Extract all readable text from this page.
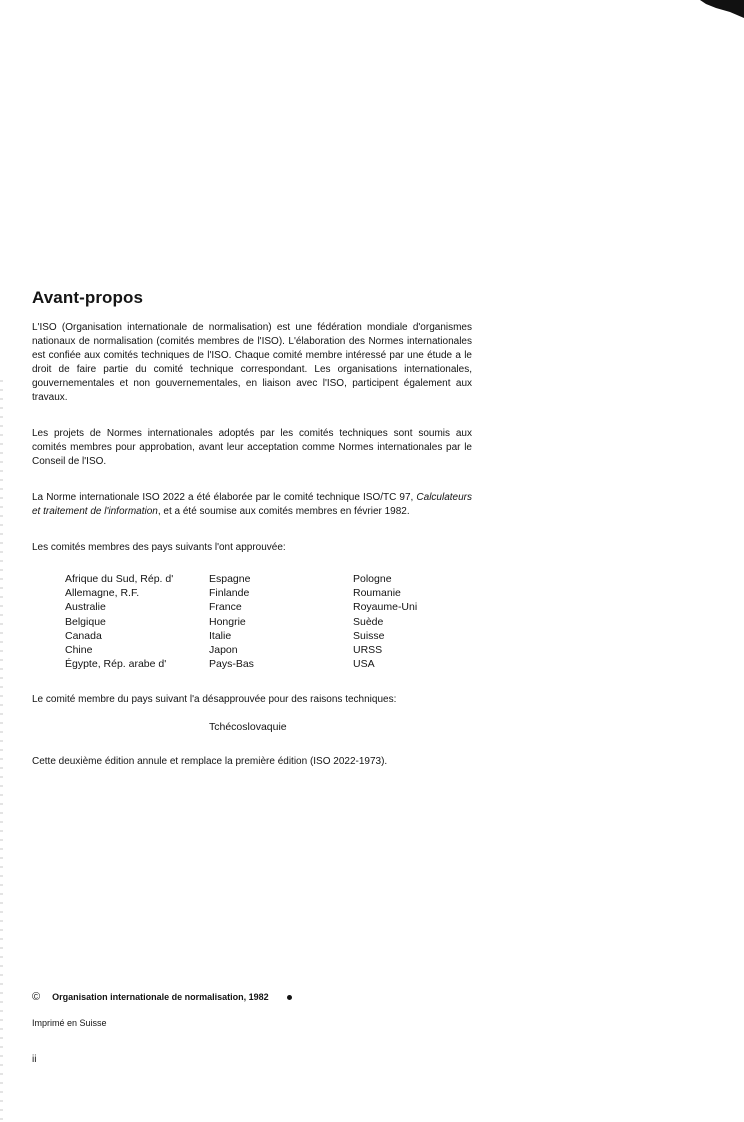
Avant-propos

L'ISO (Organisation internationale de normalisation) est une fédération mondiale d'organismes nationaux de normalisation (comités membres de l'ISO). L'élaboration des Normes internationales est confiée aux comités techniques de l'ISO. Chaque comité membre intéressé par une étude a le droit de faire partie du comité technique correspondant. Les organisations internationales, gouvernementales et non gouvernementales, en liaison avec l'ISO, participent également aux travaux.

Les projets de Normes internationales adoptés par les comités techniques sont soumis aux comités membres pour approbation, avant leur acceptation comme Normes internationales par le Conseil de l'ISO.

La Norme internationale ISO 2022 a été élaborée par le comité technique ISO/TC 97, Calculateurs et traitement de l'information, et a été soumise aux comités membres en février 1982.

Les comités membres des pays suivants l'ont approuvée:

Afrique du Sud, Rép. d'	Espagne	Pologne
Allemagne, R.F.	Finlande	Roumanie
Australie	France	Royaume-Uni
Belgique	Hongrie	Suède
Canada	Italie	Suisse
Chine	Japon	URSS
Égypte, Rép. arabe d'	Pays-Bas	USA

Le comité membre du pays suivant l'a désapprouvée pour des raisons techniques:

Tchécoslovaquie

Cette deuxième édition annule et remplace la première édition (ISO 2022-1973).

© Organisation internationale de normalisation, 1982
Imprimé en Suisse
ii
